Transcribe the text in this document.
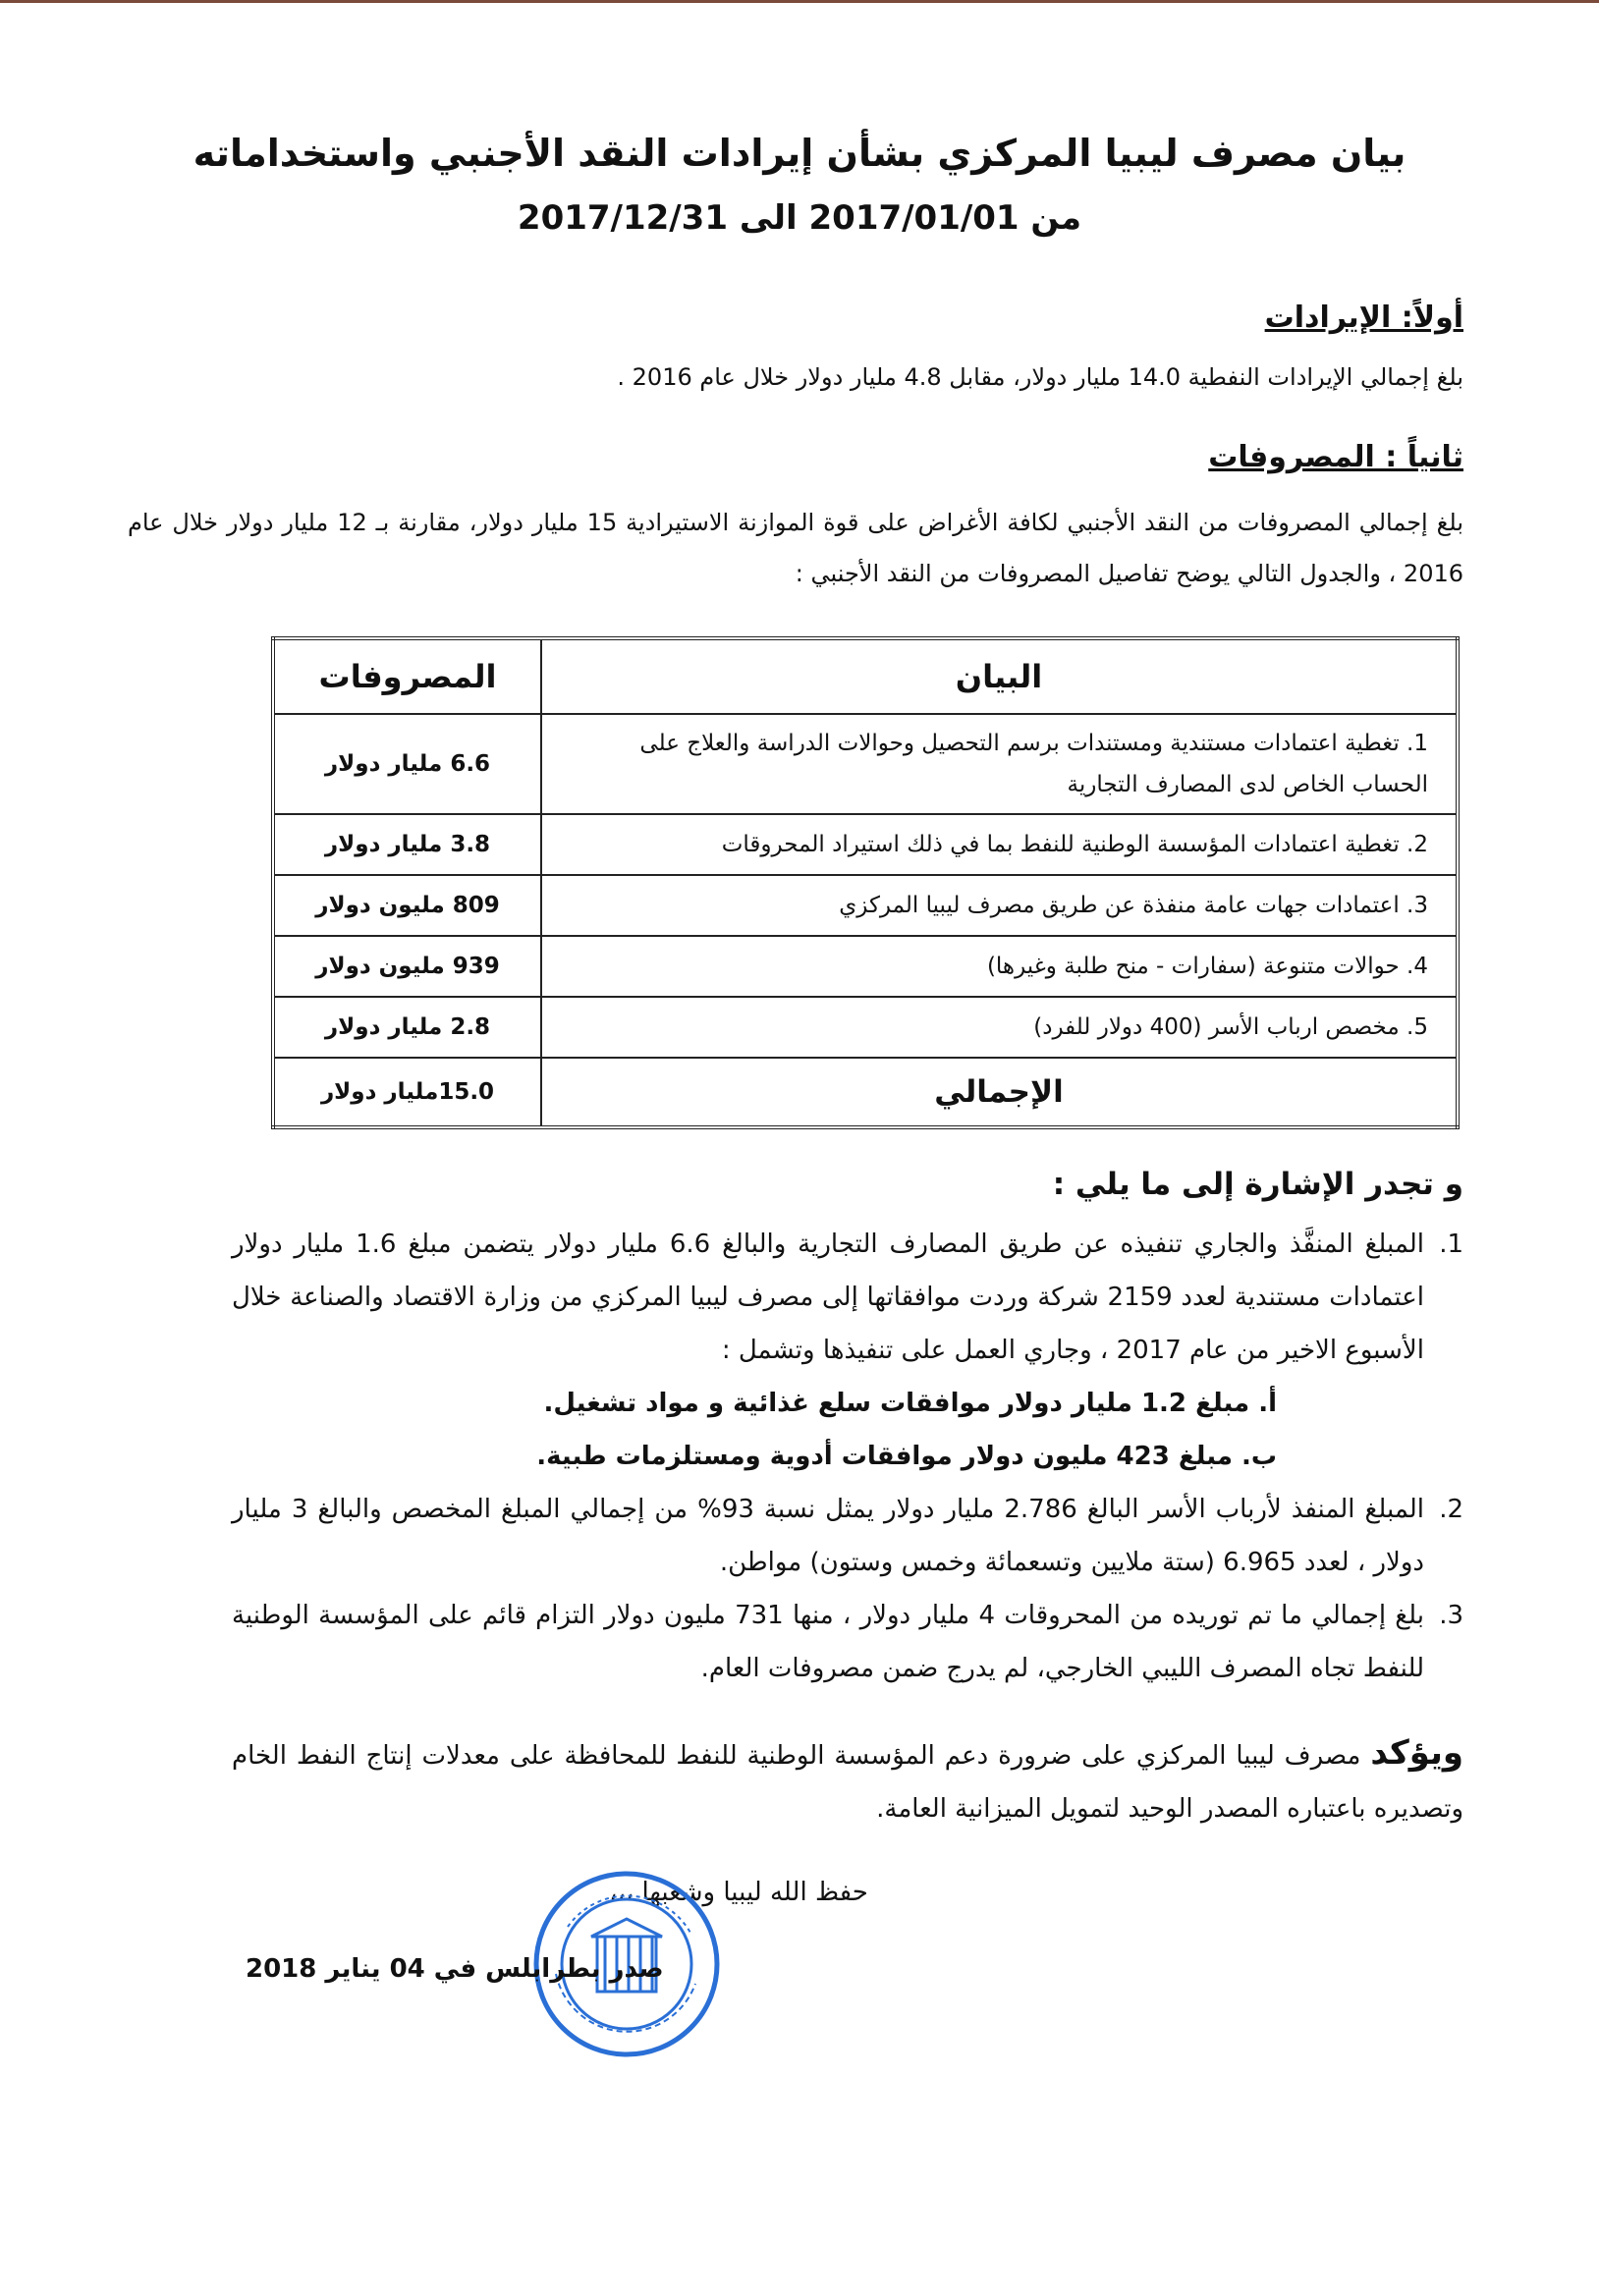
بيان مصرف ليبيا المركزي بشأن إيرادات النقد الأجنبي واستخداماته
من 2017/01/01 الى 2017/12/31
أولاً: الإيرادات
بلغ إجمالي الإيرادات النفطية 14.0 مليار دولار، مقابل 4.8 مليار دولار خلال عام 2016 .
ثانياً : المصروفات
بلغ إجمالي المصروفات من النقد الأجنبي لكافة الأغراض على قوة الموازنة الاستيرادية 15 مليار دولار، مقارنة بـ 12 مليار دولار خلال عام 2016 ، والجدول التالي يوضح تفاصيل المصروفات من النقد الأجنبي :
البيان	المصروفات
1. تغطية اعتمادات مستندية ومستندات برسم التحصيل وحوالات الدراسة والعلاج على الحساب الخاص لدى المصارف التجارية	6.6 مليار دولار
2. تغطية اعتمادات المؤسسة الوطنية للنفط بما في ذلك استيراد المحروقات	3.8 مليار دولار
3. اعتمادات جهات عامة منفذة عن طريق مصرف ليبيا المركزي	809 مليون دولار
4. حوالات متنوعة (سفارات - منح طلبة وغيرها)	939 مليون دولار
5. مخصص ارباب الأسر (400 دولار للفرد)	2.8 مليار دولار
الإجمالي	15.0مليار دولار
و تجدر الإشارة إلى ما يلي :
1.
المبلغ المنفَّذ والجاري تنفيذه عن طريق المصارف التجارية والبالغ 6.6 مليار دولار يتضمن مبلغ 1.6 مليار دولار اعتمادات مستندية لعدد 2159 شركة وردت موافقاتها إلى مصرف ليبيا المركزي من وزارة الاقتصاد والصناعة خلال الأسبوع الاخير من عام 2017 ، وجاري العمل على تنفيذها وتشمل :
أ. مبلغ 1.2 مليار دولار موافقات سلع غذائية و مواد تشغيل.
ب. مبلغ 423 مليون دولار موافقات أدوية ومستلزمات طبية.
2.
المبلغ المنفذ لأرباب الأسر البالغ 2.786 مليار دولار يمثل نسبة 93% من إجمالي المبلغ المخصص والبالغ 3 مليار دولار ، لعدد 6.965 (ستة ملايين وتسعمائة وخمس وستون) مواطن.
3.
بلغ إجمالي ما تم توريده من المحروقات 4 مليار دولار ، منها 731 مليون دولار التزام قائم على المؤسسة الوطنية للنفط تجاه المصرف الليبي الخارجي، لم يدرج ضمن مصروفات العام.
ويؤكد مصرف ليبيا المركزي على ضرورة دعم المؤسسة الوطنية للنفط للمحافظة على معدلات إنتاج النفط الخام وتصديره باعتباره المصدر الوحيد لتمويل الميزانية العامة.
حفظ الله ليبيا وشعبها ،،،
صدر بطرابلس في 04 يناير 2018
